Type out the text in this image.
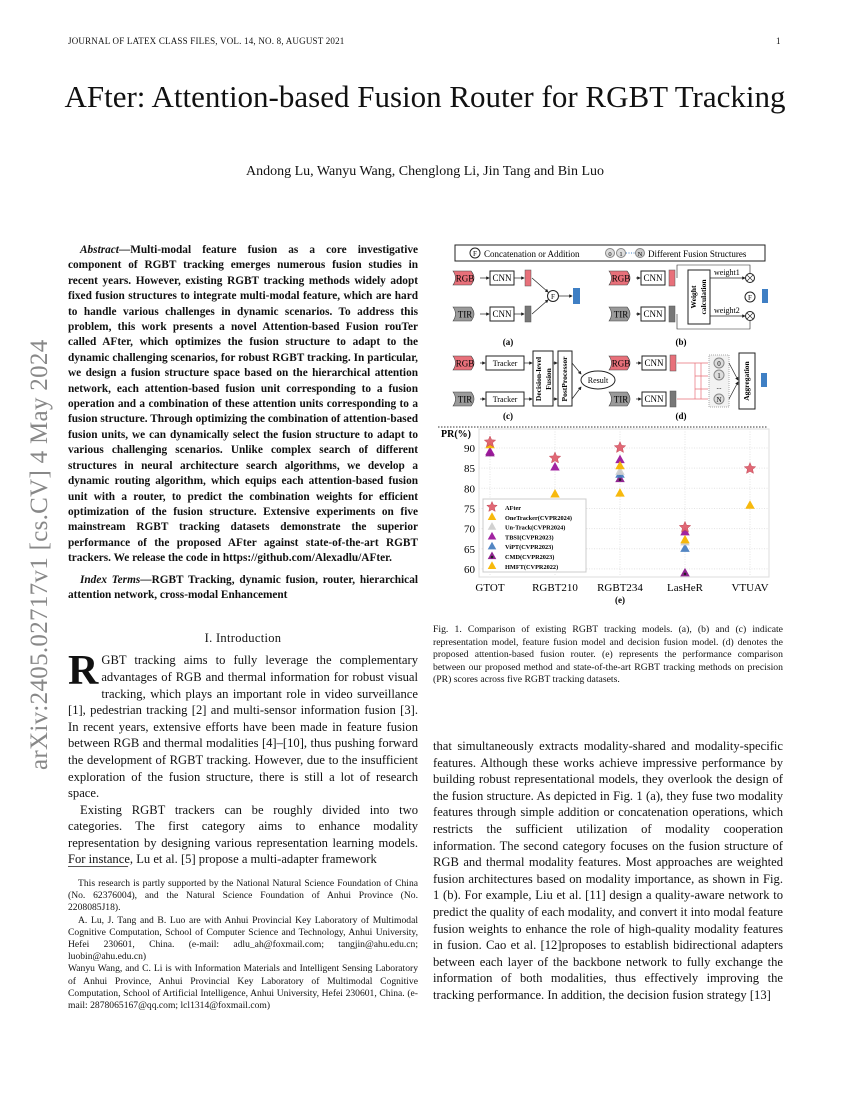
JOURNAL OF LATEX CLASS FILES, VOL. 14, NO. 8, AUGUST 2021	1
AFter: Attention-based Fusion Router for RGBT Tracking
Andong Lu, Wanyu Wang, Chenglong Li, Jin Tang and Bin Luo
arXiv:2405.02717v1 [cs.CV] 4 May 2024

Abstract—Multi-modal feature fusion as a core investigative component of RGBT tracking emerges numerous fusion studies in recent years. However, existing RGBT tracking methods widely adopt fixed fusion structures to integrate multi-modal feature, which are hard to handle various challenges in dynamic scenarios. To address this problem, this work presents a novel Attention-based Fusion rouTer called AFter, which optimizes the fusion structure to adapt to the dynamic challenging scenarios, for robust RGBT tracking. In particular, we design a fusion structure space based on the hierarchical attention network, each attention-based fusion unit corresponding to a fusion operation and a combination of these attention units corresponding to a fusion structure. Through optimizing the combination of attention-based fusion units, we can dynamically select the fusion structure to adapt to various challenging scenarios. Unlike complex search of different structures in neural architecture search algorithms, we develop a dynamic routing algorithm, which equips each attention-based fusion unit with a router, to predict the combination weights for efficient optimization of the fusion structure. Extensive experiments on five mainstream RGBT tracking datasets demonstrate the superior performance of the proposed AFter against state-of-the-art RGBT trackers. We release the code in https://github.com/Alexadlu/AFter.

Index Terms—RGBT Tracking, dynamic fusion, router, hierarchical attention network, cross-modal Enhancement

I. Introduction

RGBT tracking aims to fully leverage the complementary advantages of RGB and thermal information for robust visual tracking, which plays an important role in video surveillance [1], pedestrian tracking [2] and multi-sensor information fusion [3]. In recent years, extensive efforts have been made in feature fusion between RGB and thermal modalities [4]–[10], thus pushing forward the development of RGBT tracking. However, due to the insufficient exploration of the fusion structure, there is still a lot of research space.

Existing RGBT trackers can be roughly divided into two categories. The first category aims to enhance modality representation by designing various representation learning models. For instance, Lu et al. [5] propose a multi-adapter framework

This research is partly supported by the National Natural Science Foundation of China (No. 62376004), and the Natural Science Foundation of Anhui Province (No. 2208085J18).

A. Lu, J. Tang and B. Luo are with Anhui Provincial Key Laboratory of Multimodal Cognitive Computation, School of Computer Science and Technology, Anhui University, Hefei 230601, China. (e-mail: adlu_ah@foxmail.com; tangjin@ahu.edu.cn; luobin@ahu.edu.cn)

Wanyu Wang, and C. Li is with Information Materials and Intelligent Sensing Laboratory of Anhui Province, Anhui Provincial Key Laboratory of Multimodal Cognitive Computation, School of Artificial Intelligence, Anhui University, Hefei 230601, China. (e-mail: 2878065167@qq.com; lcl1314@foxmail.com)

F Concatenation or Addition	0 1 N Different Fusion Structures
RGB
TIR
CNN
CNN
F
(a)
RGB
TIR
CNN
CNN
Weight calculation
weight1
weight2
F
(b)
RGB
TIR
Tracker
Tracker Decision-level Fusion PostProcessor Result
(c)
RGB
TIR
CNN
CNN
0
1
N
...	Aggregation
(d)
60
65
70
75
80
85
90
GTOT	RGBT210 RGBT234 LasHeR	VTUAV
PR(%)
(e)
AFter
OneTracker(CVPR2024)
Un-Track(CVPR2024)
TBSI(CVPR2023)
ViPT(CVPR2023)
CMD(CVPR2023)
HMFT(CVPR2022)
Fig. 1. Comparison of existing RGBT tracking models. (a), (b) and (c) indicate representation model, feature fusion model and decision fusion model. (d) denotes the proposed attention-based fusion router. (e) represents the performance comparison between our proposed method and state-of-the-art RGBT tracking methods on precision (PR) scores across five RGBT tracking datasets.

that simultaneously extracts modality-shared and modality-specific features. Although these works achieve impressive performance by building robust representational models, they overlook the design of the fusion structure. As depicted in Fig. 1 (a), they fuse two modality features through simple addition or concatenation operations, which restricts the sufficient utilization of modality cooperation information. The second category focuses on the fusion structure of RGB and thermal modality features. Most approaches are weighted fusion architectures based on modality importance, as shown in Fig. 1 (b). For example, Liu et al. [11] design a quality-aware network to predict the quality of each modality, and convert it into modal feature fusion weights to enhance the role of high-quality modality features in fusion. Cao et al. [12]proposes to establish bidirectional adapters between each layer of the backbone network to fully exchange the information of both modalities, thus effectively improving the tracking performance. In addition, the decision fusion strategy [13]
